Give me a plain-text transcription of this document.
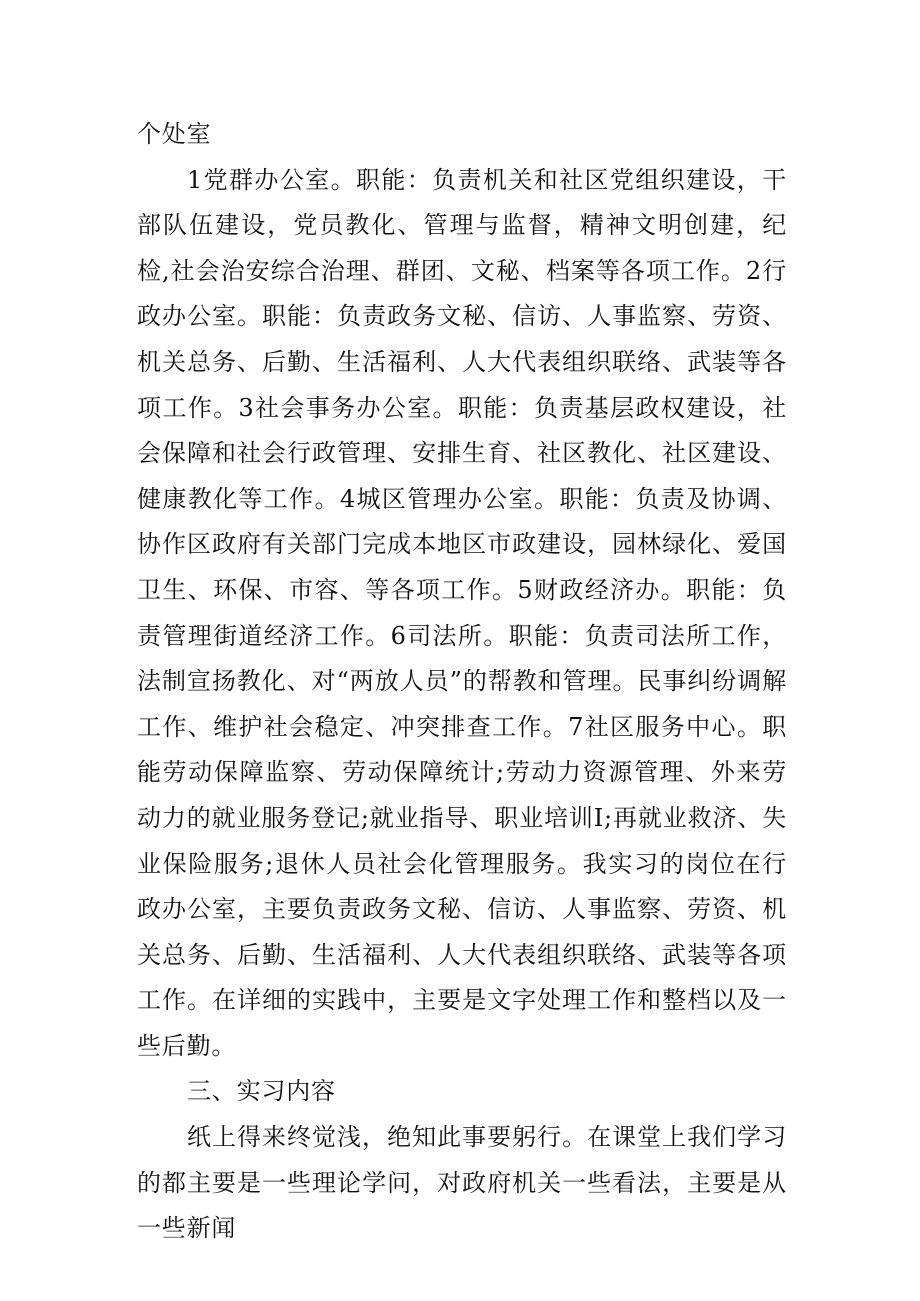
个处室

1党群办公室。职能：负责机关和社区党组织建设，干部队伍建设，党员教化、管理与监督，精神文明创建，纪检,社会治安综合治理、群团、文秘、档案等各项工作。2行政办公室。职能：负责政务文秘、信访、人事监察、劳资、机关总务、后勤、生活福利、人大代表组织联络、武装等各项工作。3社会事务办公室。职能：负责基层政权建设，社会保障和社会行政管理、安排生育、社区教化、社区建设、健康教化等工作。4城区管理办公室。职能：负责及协调、协作区政府有关部门完成本地区市政建设，园林绿化、爱国卫生、环保、市容、等各项工作。5财政经济办。职能：负责管理街道经济工作。6司法所。职能：负责司法所工作，法制宣扬教化、对“两放人员”的帮教和管理。民事纠纷调解工作、维护社会稳定、冲突排查工作。7社区服务中心。职能劳动保障监察、劳动保障统计;劳动力资源管理、外来劳动力的就业服务登记;就业指导、职业培训I;再就业救济、失业保险服务;退休人员社会化管理服务。我实习的岗位在行政办公室，主要负责政务文秘、信访、人事监察、劳资、机关总务、后勤、生活福利、人大代表组织联络、武装等各项工作。在详细的实践中，主要是文字处理工作和整档以及一些后勤。

三、实习内容

纸上得来终觉浅，绝知此事要躬行。在课堂上我们学习的都主要是一些理论学问，对政府机关一些看法，主要是从一些新闻
